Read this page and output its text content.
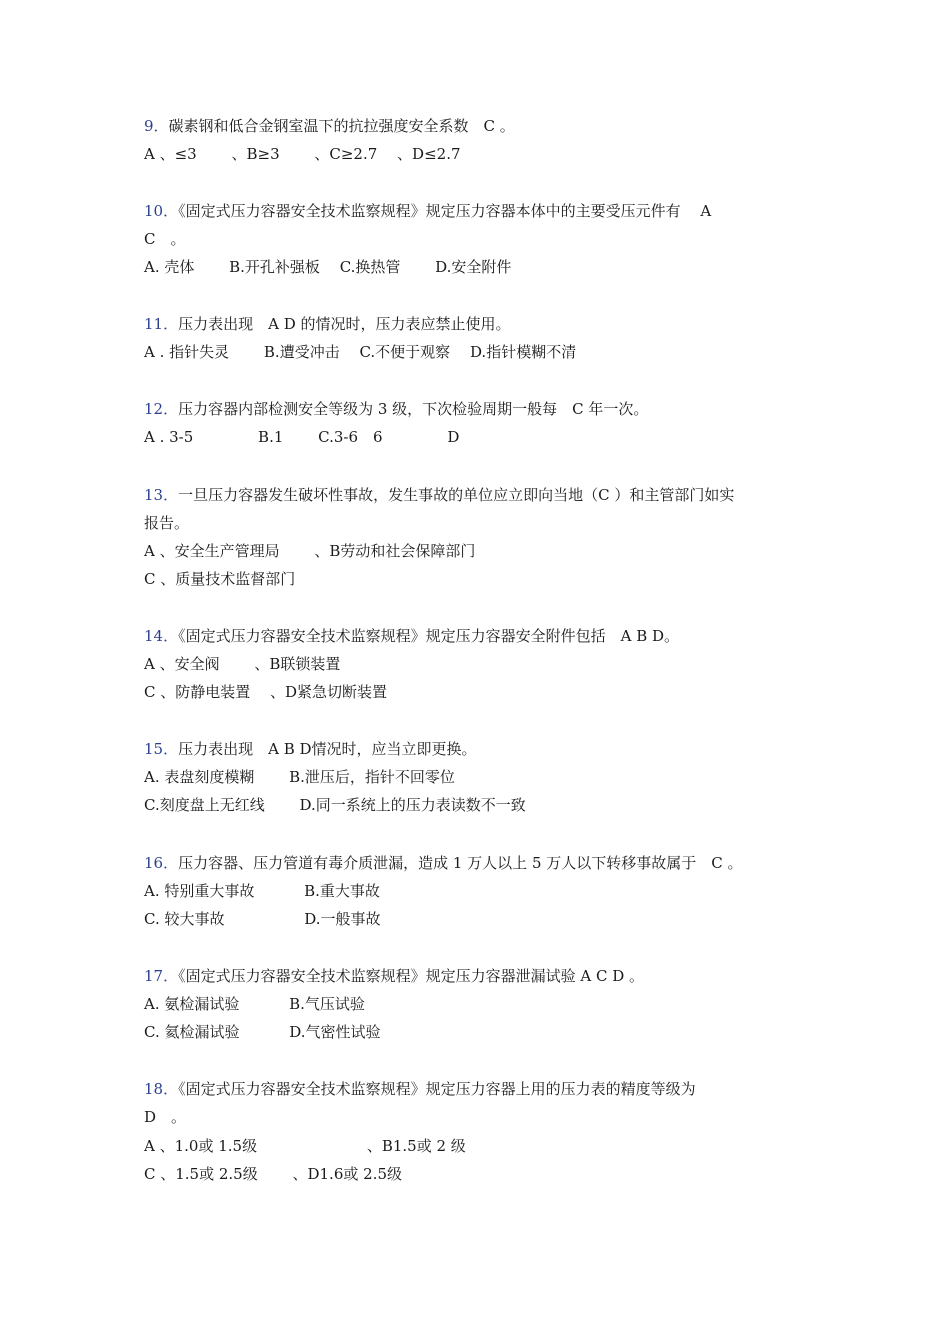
9．碳素钢和低合金钢室温下的抗拉强度安全系数　C 。

A 、≤3　　 、B≥3　　 、C≥2.7　 、D≤2.7

10．《固定式压力容器安全技术监察规程》规定压力容器本体中的主要受压元件有　 A

C　。

A. 壳体　　 B.开孔补强板　 C.换热管　　 D.安全附件

11．压力表出现　A D 的情况时，压力表应禁止使用。

A . 指针失灵　　 B.遭受冲击　 C.不便于观察　 D.指针模糊不清

12．压力容器内部检测安全等级为 3 级，下次检验周期一般每　C 年一次。

A . 3-5　　　　 B.1　　 C.3-6　6　　　　 D

13．一旦压力容器发生破坏性事故，发生事故的单位应立即向当地（C ）和主管部门如实

报告。

A 、安全生产管理局　　 、B劳动和社会保障部门

C 、质量技术监督部门

14．《固定式压力容器安全技术监察规程》规定压力容器安全附件包括　A B D。

A 、安全阀　　 、B联锁装置

C 、防静电装置　 、D紧急切断装置

15．压力表出现　A B D情况时，应当立即更换。

A. 表盘刻度模糊　　 B.泄压后，指针不回零位

C.刻度盘上无红线　　 D.同一系统上的压力表读数不一致

16．压力容器、压力管道有毒介质泄漏，造成 1 万人以上 5 万人以下转移事故属于　C 。

A. 特别重大事故　　　 B.重大事故

C. 较大事故　　　　　 D.一般事故

17．《固定式压力容器安全技术监察规程》规定压力容器泄漏试验 A C D 。

A. 氨检漏试验　　　 B.气压试验

C. 氦检漏试验　　　 D.气密性试验

18．《固定式压力容器安全技术监察规程》规定压力容器上用的压力表的精度等级为

D　。

A 、1.0或 1.5级　　　　　　　 、B1.5或 2 级

C 、1.5或 2.5级　　 、D1.6或 2.5级
